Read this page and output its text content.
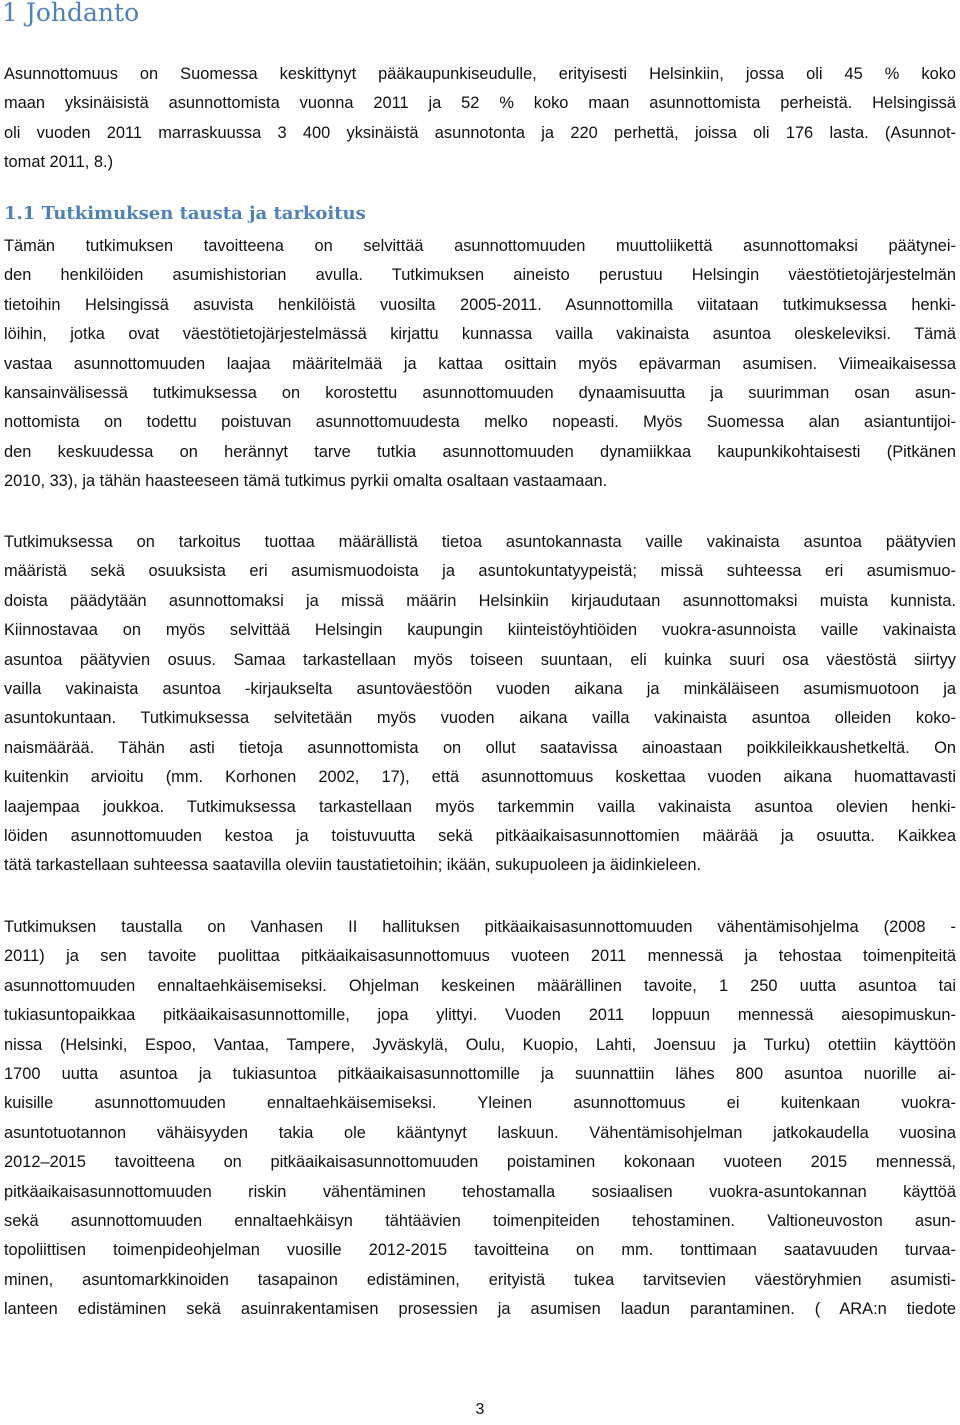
1 Johdanto
Asunnottomuus on Suomessa keskittynyt pääkaupunkiseudulle, erityisesti Helsinkiin, jossa oli 45 % koko
maan yksinäisistä asunnottomista vuonna 2011 ja 52 % koko maan asunnottomista perheistä. Helsingissä
oli vuoden 2011 marraskuussa 3 400 yksinäistä asunnotonta ja 220 perhettä, joissa oli 176 lasta. (Asunnot-
tomat 2011, 8.)
1.1 Tutkimuksen tausta ja tarkoitus
Tämän tutkimuksen tavoitteena on selvittää asunnottomuuden muuttoliikettä asunnottomaksi päätynei-
den henkilöiden asumishistorian avulla. Tutkimuksen aineisto perustuu Helsingin väestötietojärjestelmän
tietoihin Helsingissä asuvista henkilöistä vuosilta 2005-2011. Asunnottomilla viitataan tutkimuksessa henki-
löihin, jotka ovat väestötietojärjestelmässä kirjattu kunnassa vailla vakinaista asuntoa oleskeleviksi. Tämä
vastaa asunnottomuuden laajaa määritelmää ja kattaa osittain myös epävarman asumisen. Viimeaikaisessa
kansainvälisessä tutkimuksessa on korostettu asunnottomuuden dynaamisuutta ja suurimman osan asun-
nottomista on todettu poistuvan asunnottomuudesta melko nopeasti. Myös Suomessa alan asiantuntijoi-
den keskuudessa on herännyt tarve tutkia asunnottomuuden dynamiikkaa kaupunkikohtaisesti (Pitkänen
2010, 33), ja tähän haasteeseen tämä tutkimus pyrkii omalta osaltaan vastaamaan.
Tutkimuksessa on tarkoitus tuottaa määrällistä tietoa asuntokannasta vaille vakinaista asuntoa päätyvien
määristä sekä osuuksista eri asumismuodoista ja asuntokuntatyypeistä; missä suhteessa eri asumismuo-
doista päädytään asunnottomaksi ja missä määrin Helsinkiin kirjaudutaan asunnottomaksi muista kunnista.
Kiinnostavaa on myös selvittää Helsingin kaupungin kiinteistöyhtiöiden vuokra-asunnoista vaille vakinaista
asuntoa päätyvien osuus. Samaa tarkastellaan myös toiseen suuntaan, eli kuinka suuri osa väestöstä siirtyy
vailla vakinaista asuntoa -kirjaukselta asuntoväestöön vuoden aikana ja minkäläiseen asumismuotoon ja
asuntokuntaan. Tutkimuksessa selvitetään myös vuoden aikana vailla vakinaista asuntoa olleiden koko-
naismäärää. Tähän asti tietoja asunnottomista on ollut saatavissa ainoastaan poikkileikkaushetkeltä. On
kuitenkin arvioitu (mm. Korhonen 2002, 17), että asunnottomuus koskettaa vuoden aikana huomattavasti
laajempaa joukkoa. Tutkimuksessa tarkastellaan myös tarkemmin vailla vakinaista asuntoa olevien henki-
löiden asunnottomuuden kestoa ja toistuvuutta sekä pitkäaikaisasunnottomien määrää ja osuutta. Kaikkea
tätä tarkastellaan suhteessa saatavilla oleviin taustatietoihin; ikään, sukupuoleen ja äidinkieleen.
Tutkimuksen taustalla on Vanhasen II hallituksen pitkäaikaisasunnottomuuden vähentämisohjelma (2008 -
2011) ja sen tavoite puolittaa pitkäaikaisasunnottomuus vuoteen 2011 mennessä ja tehostaa toimenpiteitä
asunnottomuuden ennaltaehkäisemiseksi. Ohjelman keskeinen määrällinen tavoite, 1 250 uutta asuntoa tai
tukiasuntopaikkaa pitkäaikaisasunnottomille, jopa ylittyi. Vuoden 2011 loppuun mennessä aiesopimuskun-
nissa (Helsinki, Espoo, Vantaa, Tampere, Jyväskylä, Oulu, Kuopio, Lahti, Joensuu ja Turku) otettiin käyttöön
1700 uutta asuntoa ja tukiasuntoa pitkäaikaisasunnottomille ja suunnattiin lähes 800 asuntoa nuorille ai-
kuisille asunnottomuuden ennaltaehkäisemiseksi. Yleinen asunnottomuus ei kuitenkaan vuokra-
asuntotuotannon vähäisyyden takia ole kääntynyt laskuun. Vähentämisohjelman jatkokaudella vuosina
2012–2015 tavoitteena on pitkäaikaisasunnottomuuden poistaminen kokonaan vuoteen 2015 mennessä,
pitkäaikaisasunnottomuuden riskin vähentäminen tehostamalla sosiaalisen vuokra-asuntokannan käyttöä
sekä asunnottomuuden ennaltaehkäisyn tähtäävien toimenpiteiden tehostaminen. Valtioneuvoston asun-
topoliittisen toimenpideohjelman vuosille 2012-2015 tavoitteina on mm. tonttimaan saatavuuden turvaa-
minen, asuntomarkkinoiden tasapainon edistäminen, erityistä tukea tarvitsevien väestöryhmien asumisti-
lanteen edistäminen sekä asuinrakentamisen prosessien ja asumisen laadun parantaminen. ( ARA:n tiedote
3
